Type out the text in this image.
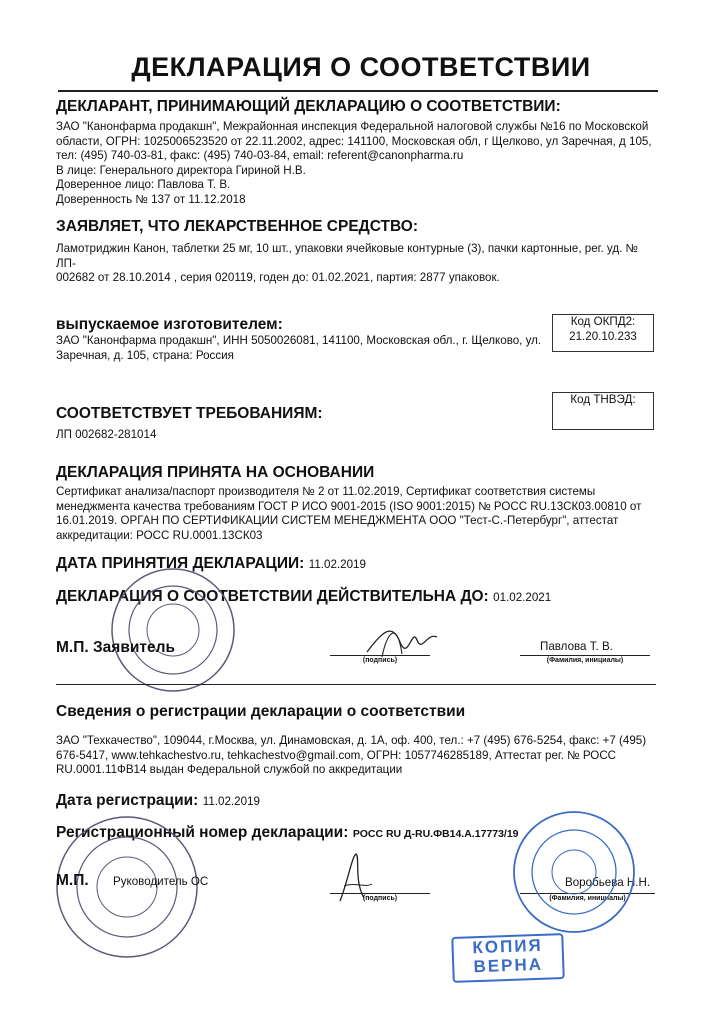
ДЕКЛАРАЦИЯ О СООТВЕТСТВИИ
ДЕКЛАРАНТ, ПРИНИМАЮЩИЙ ДЕКЛАРАЦИЮ О СООТВЕТСТВИИ:
ЗАО "Канонфарма продакшн", Межрайонная инспекция Федеральной налоговой службы №16 по Московской
области, ОГРН: 1025006523520 от 22.11.2002, адрес: 141100, Московская обл, г Щелково, ул Заречная, д 105,
тел: (495) 740-03-81, факс: (495) 740-03-84, email: referent@canonpharma.ru
В лице: Генерального директора Гириной Н.В.
Доверенное лицо: Павлова Т. В.
Доверенность № 137 от 11.12.2018
ЗАЯВЛЯЕТ, ЧТО ЛЕКАРСТВЕННОЕ СРЕДСТВО:
Ламотриджин Канон, таблетки 25 мг, 10 шт., упаковки ячейковые контурные (3), пачки картонные, рег. уд. № ЛП-
002682 от 28.10.2014 , серия 020119, годен до: 01.02.2021, партия: 2877 упаковок.
выпускаемое изготовителем:
ЗАО "Канонфарма продакшн", ИНН 5050026081, 141100, Московская обл., г. Щелково, ул.
Заречная, д. 105, страна: Россия
Код ОКПД2:
21.20.10.233
СООТВЕТСТВУЕТ ТРЕБОВАНИЯМ:
ЛП 002682-281014
Код ТНВЭД:
ДЕКЛАРАЦИЯ ПРИНЯТА НА ОСНОВАНИИ
Сертификат анализа/паспорт производителя № 2 от 11.02.2019, Сертификат соответствия системы
менеджмента качества требованиям ГОСТ Р ИСО 9001-2015 (ISO 9001:2015) № РОСС RU.13СК03.00810 от
16.01.2019. ОРГАН ПО СЕРТИФИКАЦИИ СИСТЕМ МЕНЕДЖМЕНТА ООО "Тест-С.-Петербург", аттестат
аккредитации: РОСС RU.0001.13СК03
ДАТА ПРИНЯТИЯ ДЕКЛАРАЦИИ: 11.02.2019
ДЕКЛАРАЦИЯ О СООТВЕТСТВИИ ДЕЙСТВИТЕЛЬНА ДО: 01.02.2021
М.П. Заявитель
(подпись)
Павлова Т. В.
(Фамилия, инициалы)
Сведения о регистрации декларации о соответствии
ЗАО "Техкачество", 109044, г.Москва, ул. Динамовская, д. 1А, оф. 400, тел.: +7 (495) 676-5254, факс: +7 (495)
676-5417, www.tehkachestvo.ru, tehkachestvo@gmail.com, ОГРН: 1057746285189, Аттестат рег. № РОСС
RU.0001.11ФВ14 выдан Федеральной службой по аккредитации
Дата регистрации: 11.02.2019
Регистрационный номер декларации: РОСС RU Д-RU.ФВ14.А.17773/19
М.П. Руководитель ОС
(подпись)
Воробьева Н.Н.
(Фамилия, инициалы)
КОПИЯ
ВЕРНА
